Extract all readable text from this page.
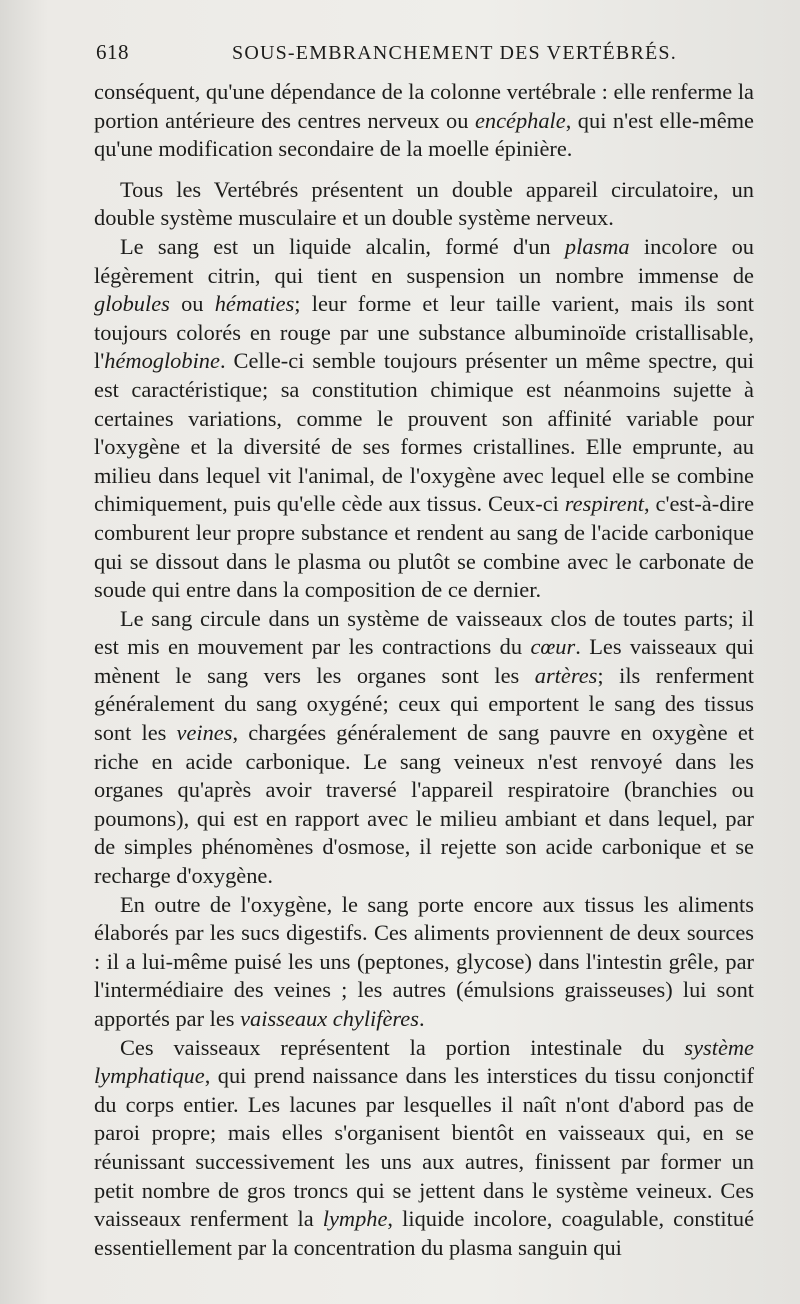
618	SOUS-EMBRANCHEMENT DES VERTÉBRÉS.

conséquent, qu'une dépendance de la colonne vertébrale : elle renferme la portion antérieure des centres nerveux ou encéphale, qui n'est elle-même qu'une modification secondaire de la moelle épinière.

Tous les Vertébrés présentent un double appareil circulatoire, un double système musculaire et un double système nerveux.

Le sang est un liquide alcalin, formé d'un plasma incolore ou légèrement citrin, qui tient en suspension un nombre immense de globules ou hématies; leur forme et leur taille varient, mais ils sont toujours colorés en rouge par une substance albuminoïde cristallisable, l'hémoglobine. Celle-ci semble toujours présenter un même spectre, qui est caractéristique; sa constitution chimique est néanmoins sujette à certaines variations, comme le prouvent son affinité variable pour l'oxygène et la diversité de ses formes cristallines. Elle emprunte, au milieu dans lequel vit l'animal, de l'oxygène avec lequel elle se combine chimiquement, puis qu'elle cède aux tissus. Ceux-ci respirent, c'est-à-dire comburent leur propre substance et rendent au sang de l'acide carbonique qui se dissout dans le plasma ou plutôt se combine avec le carbonate de soude qui entre dans la composition de ce dernier.

Le sang circule dans un système de vaisseaux clos de toutes parts; il est mis en mouvement par les contractions du cœur. Les vaisseaux qui mènent le sang vers les organes sont les artères; ils renferment généralement du sang oxygéné; ceux qui emportent le sang des tissus sont les veines, chargées généralement de sang pauvre en oxygène et riche en acide carbonique. Le sang veineux n'est renvoyé dans les organes qu'après avoir traversé l'appareil respiratoire (branchies ou poumons), qui est en rapport avec le milieu ambiant et dans lequel, par de simples phénomènes d'osmose, il rejette son acide carbonique et se recharge d'oxygène.

En outre de l'oxygène, le sang porte encore aux tissus les aliments élaborés par les sucs digestifs. Ces aliments proviennent de deux sources : il a lui-même puisé les uns (peptones, glycose) dans l'intestin grêle, par l'intermédiaire des veines ; les autres (émulsions graisseuses) lui sont apportés par les vaisseaux chylifères.

Ces vaisseaux représentent la portion intestinale du système lymphatique, qui prend naissance dans les interstices du tissu conjonctif du corps entier. Les lacunes par lesquelles il naît n'ont d'abord pas de paroi propre; mais elles s'organisent bientôt en vaisseaux qui, en se réunissant successivement les uns aux autres, finissent par former un petit nombre de gros troncs qui se jettent dans le système veineux. Ces vaisseaux renferment la lymphe, liquide incolore, coagulable, constitué essentiellement par la concentration du plasma sanguin qui
